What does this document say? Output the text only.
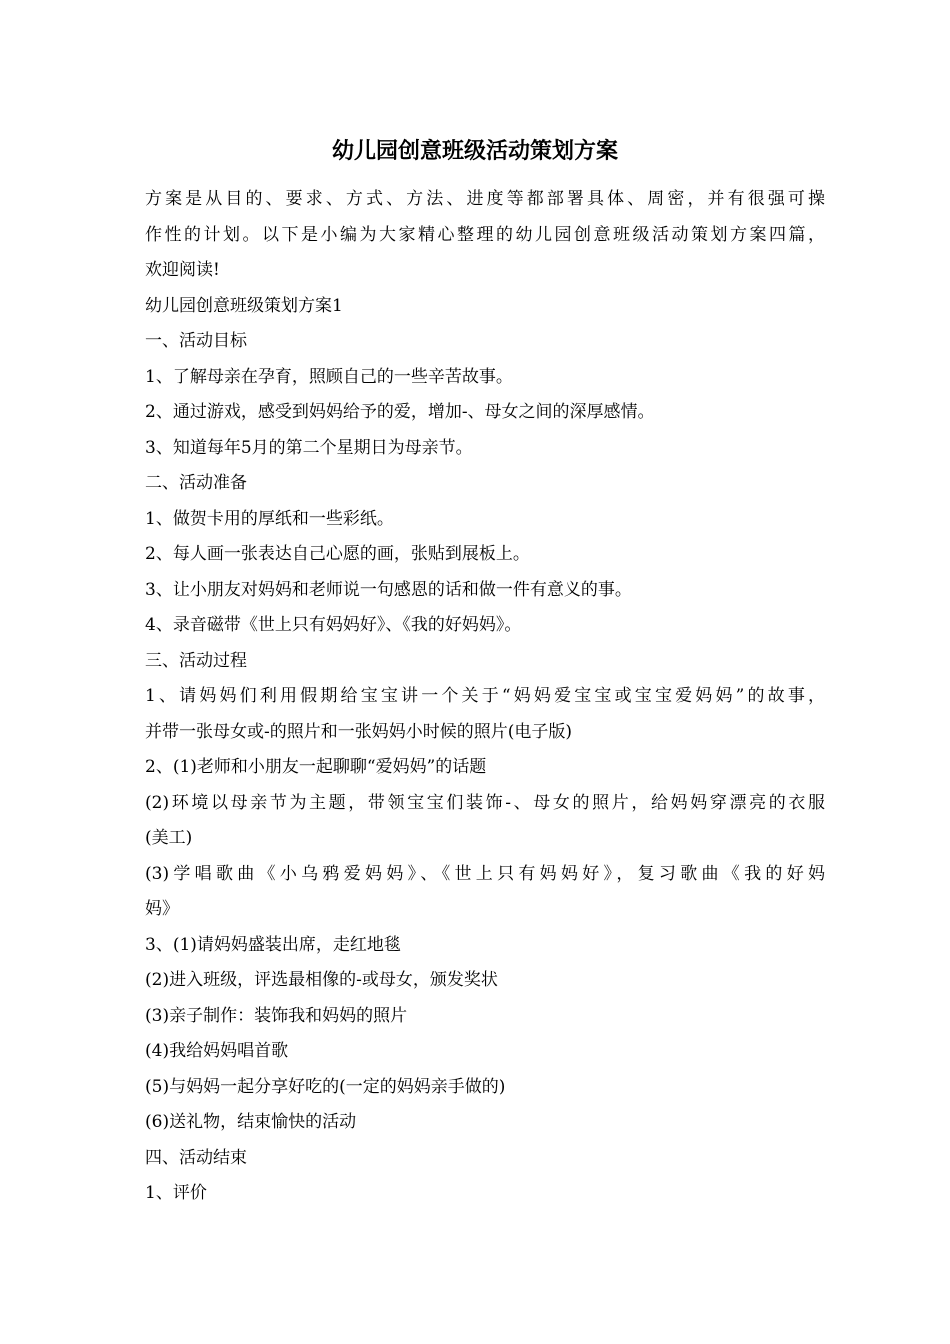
幼儿园创意班级活动策划方案
方案是从目的、要求、方式、方法、进度等都部署具体、周密，并有很强可操
作性的计划。以下是小编为大家精心整理的幼儿园创意班级活动策划方案四篇，
欢迎阅读!
幼儿园创意班级策划方案1
一、活动目标
1、了解母亲在孕育，照顾自己的一些辛苦故事。
2、通过游戏，感受到妈妈给予的爱，增加-、母女之间的深厚感情。
3、知道每年5月的第二个星期日为母亲节。
二、活动准备
1、做贺卡用的厚纸和一些彩纸。
2、每人画一张表达自己心愿的画，张贴到展板上。
3、让小朋友对妈妈和老师说一句感恩的话和做一件有意义的事。
4、录音磁带《世上只有妈妈好》、《我的好妈妈》。
三、活动过程
1、请妈妈们利用假期给宝宝讲一个关于“妈妈爱宝宝或宝宝爱妈妈”的故事，
并带一张母女或-的照片和一张妈妈小时候的照片(电子版)
2、(1)老师和小朋友一起聊聊“爱妈妈”的话题
(2)环境以母亲节为主题，带领宝宝们装饰-、母女的照片，给妈妈穿漂亮的衣服
(美工)
(3)学唱歌曲《小乌鸦爱妈妈》、《世上只有妈妈好》，复习歌曲《我的好妈
妈》
3、(1)请妈妈盛装出席，走红地毯
(2)进入班级，评选最相像的-或母女，颁发奖状
(3)亲子制作：装饰我和妈妈的照片
(4)我给妈妈唱首歌
(5)与妈妈一起分享好吃的(一定的妈妈亲手做的)
(6)送礼物，结束愉快的活动
四、活动结束
1、评价
